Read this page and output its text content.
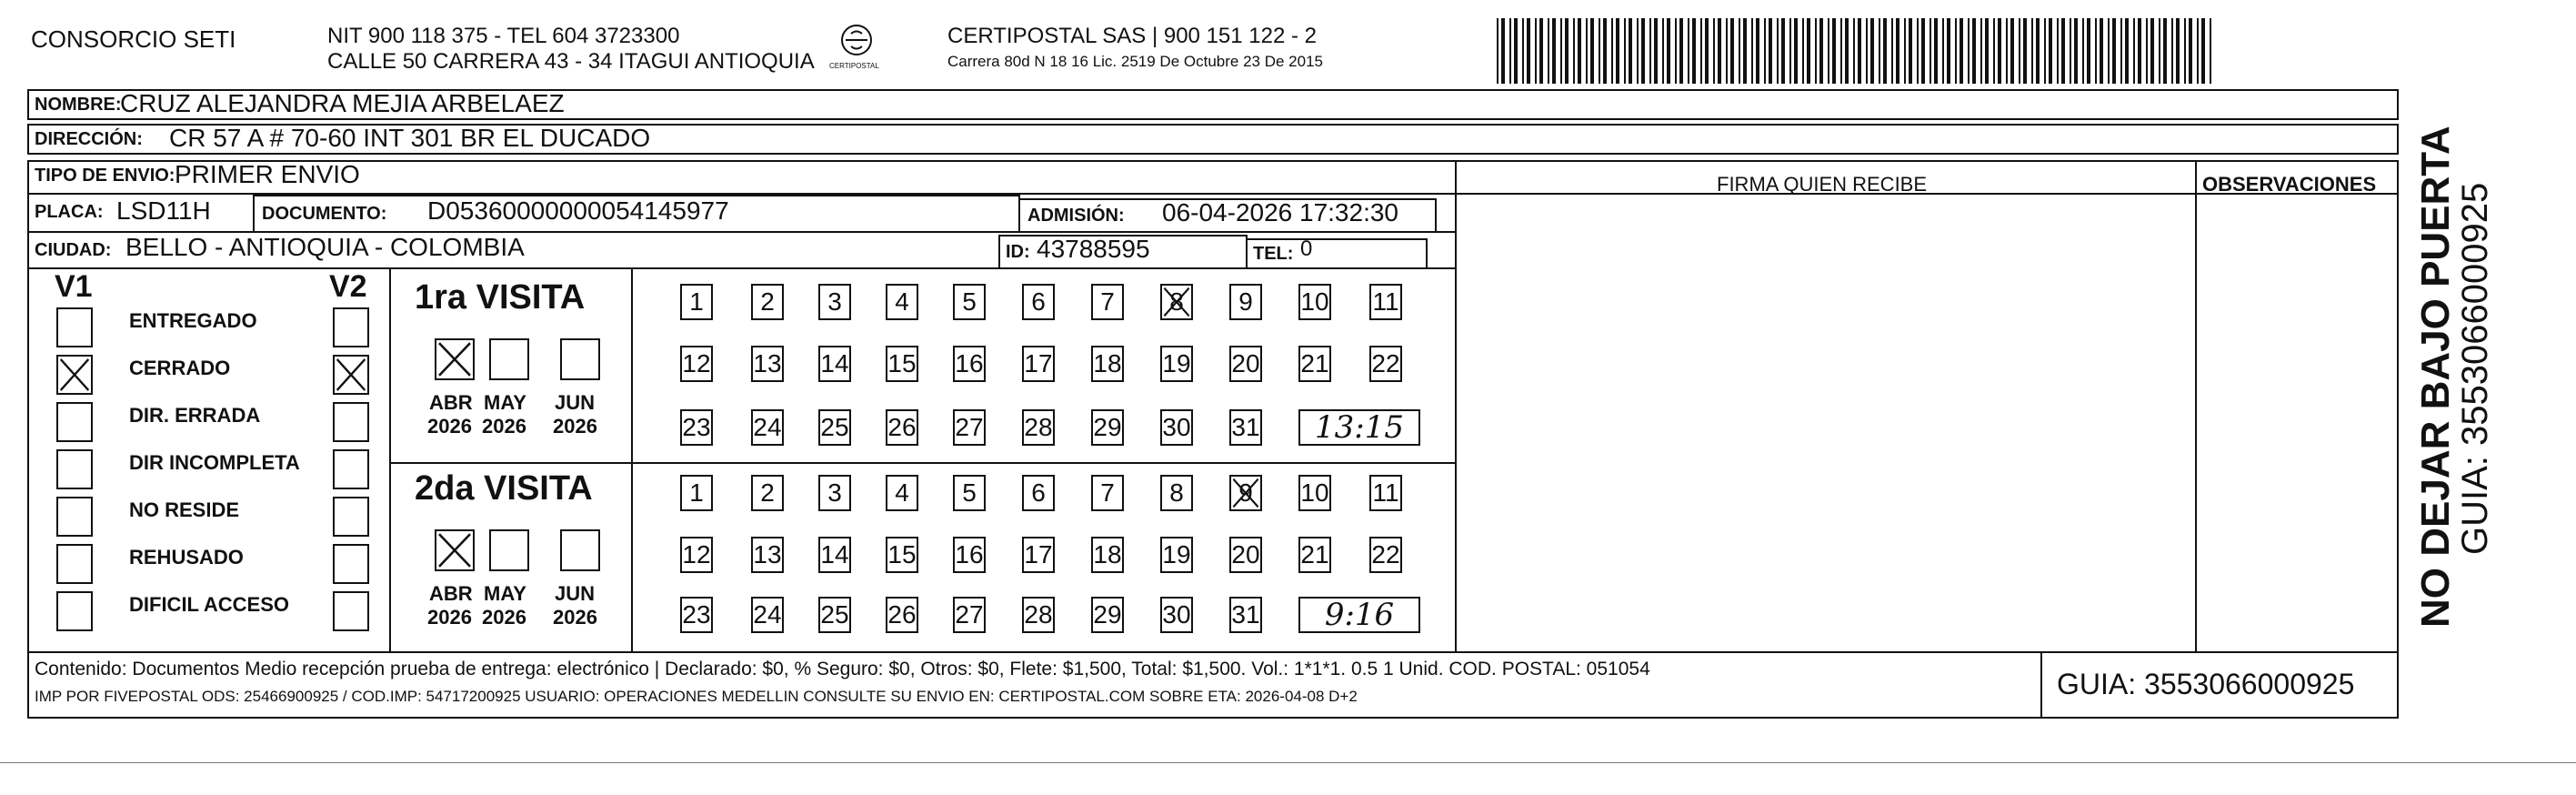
CONSORCIO SETI	NIT 900 118 375 - TEL 604 3723300
CALLE 50 CARRERA 43 - 34 ITAGUI ANTIOQUIA CERTIPOSTAL
CERTIPOSTAL SAS | 900 151 122 - 2
Carrera 80d N 18 16 Lic. 2519 De Octubre 23 De 2015
NOMBRE:
CRUZ ALEJANDRA MEJIA ARBELAEZ
DIRECCIÓN: CR 57 A # 70-60 INT 301 BR EL DUCADO
TIPO DE ENVIO: PRIMER ENVIO	FIRMA QUIEN RECIBE	OBSERVACIONES
PLACA: LSD11H	DOCUMENTO: D05360000000054145977	ADMISIÓN: 06-04-2026 17:32:30
CIUDAD: BELLO - ANTIOQUIA - COLOMBIA	ID: 43788595	TEL: 0
V1	V2
ENTREGADO
CERRADO
DIR. ERRADA
DIR INCOMPLETA
NO RESIDE
REHUSADO
DIFICIL ACCESO
1ra VISITA
2da VISITA
ABR
2026
MAY
2026
JUN
2026
ABR
2026
MAY
2026
JUN
2026
1	2	3	4	5	6	7	8	9	10 11
12 13 14 15 16 17 18 19 20 21 22
23 24 25 26 27 28 29 30 31	13:15
1	2	3	4	5	6	7	8	9	10 11
12 13 14 15 16 17 18 19 20 21 22
23 24 25 26 27 28 29 30 31	9:16	NO DEJAR BAJO PUERTA
GUIA: 3553066000925
Contenido: Documentos Medio recepción prueba de entrega: electrónico | Declarado: $0, % Seguro: $0, Otros: $0, Flete: $1,500, Total: $1,500. Vol.: 1*1*1. 0.5 1 Unid. COD. POSTAL: 051054
IMP POR FIVEPOSTAL ODS: 25466900925 / COD.IMP: 54717200925 USUARIO: OPERACIONES MEDELLIN CONSULTE SU ENVIO EN: CERTIPOSTAL.COM SOBRE ETA: 2026-04-08 D+2	GUIA: 3553066000925
